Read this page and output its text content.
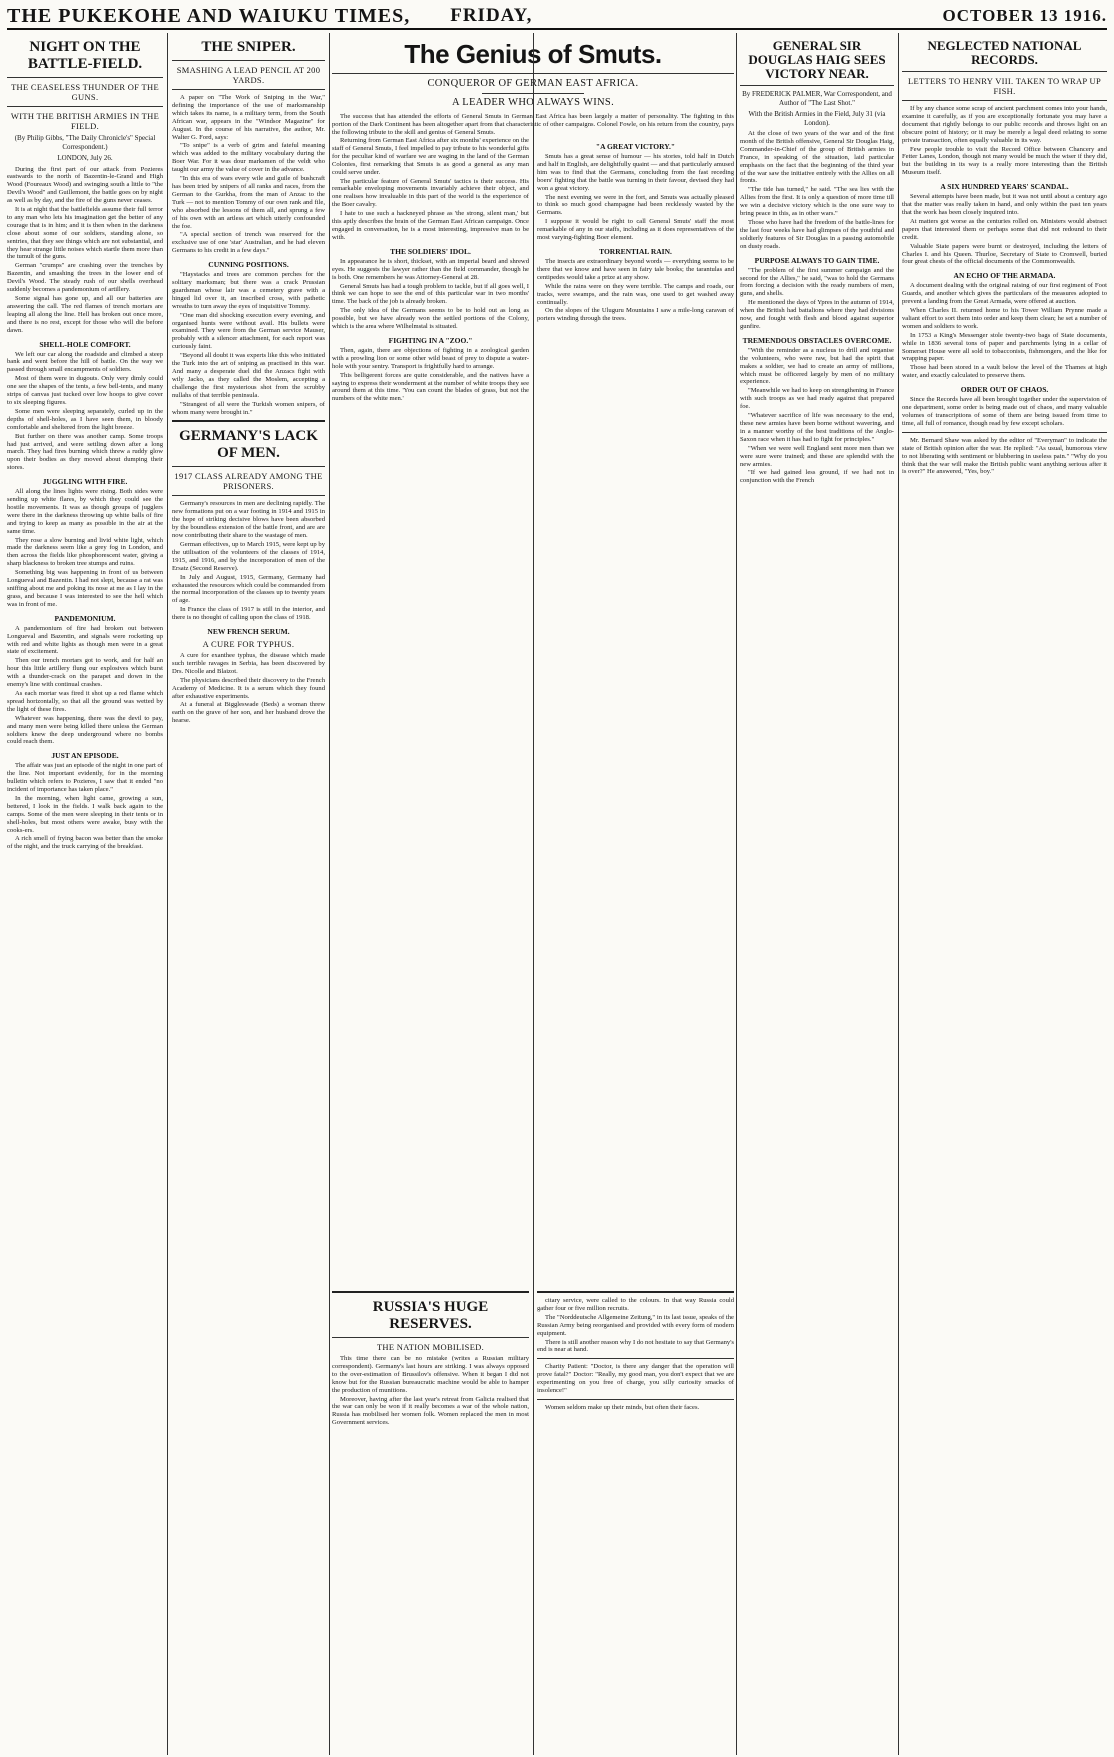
THE PUKEKOHE AND WAIUKU TIMES, FRIDAY,	OCTOBER 13 1916.
NIGHT ON THE BATTLE-FIELD.
THE CEASELESS THUNDER OF THE GUNS.
WITH THE BRITISH ARMIES IN THE FIELD.
(By Philip Gibbs, "The Daily Chronicle's" Special Correspondent.)
LONDON, July 26.

During the first part of our attack from Pozieres eastwards to the north of Bazentin-le-Grand and High Wood (Foureaux Wood) and swinging south a little to "the Devil's Wood" and Guillemont, the battle goes on by night as well as by day, and the fire of the guns never ceases.

It is at night that the battlefields assume their full terror to any man who lets his imagination get the better of any courage that is in him; and it is then when in the darkness close about some of our soldiers, standing alone, so sentries, that they see things which are not substantial, and they hear strange little noises which startle them more than the tumult of the guns.

German "crumps" are crashing over the trenches by Bazentin, and smashing the trees in the lower end of Devil's Wood. The steady rush of our shells overhead suddenly becomes a pandemonium of artillery.

Some signal has gone up, and all our batteries are answering the call. The red flames of trench mortars are leaping all along the line. Hell has broken out once more, and there is no rest, except for those who will die before dawn.

SHELL-HOLE COMFORT.

We left our car along the roadside and climbed a steep bank and went before the hill of battle. On the way we passed through small encampments of soldiers.

Most of them were in dugouts. Only very dimly could one see the shapes of the tents, a few bell-tents, and many strips of canvas just tucked over low hoops to give cover to six sleeping figures.

Some men were sleeping separately, curled up in the depths of shell-holes, as I have seen them, in bloody comfortable and sheltered from the light breeze.

But further on there was another camp. Some troops had just arrived, and were settling down after a long march. They had fires burning which threw a ruddy glow upon their bodies as they moved about dumping their stores.

JUGGLING WITH FIRE.

All along the lines lights were rising. Both sides were sending up white flares, by which they could see the hostile movements. It was as though groups of jugglers were there in the darkness throwing up white balls of fire and trying to keep as many as possible in the air at the same time.

They rose a slow burning and livid white light, which made the darkness seem like a grey fog in London, and then across the fields like phosphorescent water, giving a sharp blackness to broken tree stumps and ruins.

Something big was happening in front of us between Longueval and Bazentin. I had not slept, because a rat was sniffing about me and poking its nose at me as I lay in the grass, and because I was interested to see the hell which was in front of me.

PANDEMONIUM.

A pandemonium of fire had broken out between Longueval and Bazentin, and signals were rocketing up with red and white lights as though men were in a great state of excitement.

Then our trench mortars got to work, and for half an hour this little artillery flung our explosives which burst with a thunder-crack on the parapet and down in the enemy's line with continual crashes.

As each mortar was fired it shot up a red flame which spread horizontally, so that all the ground was wetted by the light of these fires.

Whatever was happening, there was the devil to pay, and many men were being killed there unless the German soldiers knew the deep underground where no bombs could reach them.

JUST AN EPISODE.

The affair was just an episode of the night in one part of the line. Not important evidently, for in the morning bulletin which refers to Pozieres, I saw that it ended "no incident of importance has taken place."

In the morning, when light came, growing a sun, bettered, I look in the fields. I walk back again to the camps. Some of the men were sleeping in their tents or in shell-holes, but most others were awake, busy with the cooks-ers.

A rich smell of frying bacon was better than the smoke of the night, and the truck carrying of the breakfast.

THE SNIPER.
SMASHING A LEAD PENCIL AT 200 YARDS.

A paper on "The Work of Sniping in the War," defining the importance of the use of marksmanship which takes its name, is a military term, from the South African war, appears in the "Windsor Magazine" for August. In the course of his narrative, the author, Mr. Walter G. Ford, says:

"To snipe" is a verb of grim and fateful meaning which was added to the military vocabulary during the Boer War. For it was dour marksmen of the veldt who taught our army the value of cover in the advance.

"In this era of wars every wile and guile of bushcraft has been tried by snipers of all ranks and races, from the German to the Gurkha, from the man of Anzac to the Turk — not to mention Tommy of our own rank and file, who absorbed the lessons of them all, and sprung a few of his own with an artless art which utterly confounded the foe.

"A special section of trench was reserved for the exclusive use of one 'star' Australian, and he had eleven Germans to his credit in a few days."

CUNNING POSITIONS.

"Haystacks and trees are common perches for the solitary marksman; but there was a crack Prussian guardsman whose lair was a cemetery grave with a hinged lid over it, an inscribed cross, with pathetic wreaths to turn away the eyes of inquisitive Tommy.

"One man did shocking execution every evening, and organised hunts were without avail. His bullets were examined. They were from the German service Mauser, probably with a silencer attachment, for each report was curiously faint.

"Beyond all doubt it was experts like this who initiated the Turk into the art of sniping as practised in this war. And many a desperate duel did the Anzacs fight with wily Jacko, as they called the Moslem, accepting a challenge the first mysterious shot from the scrubby nullahs of that terrible peninsula.

"Strangest of all were the Turkish women snipers, of whom many were brought in."

GERMANY'S LACK OF MEN.
1917 CLASS ALREADY AMONG THE PRISONERS.

Germany's resources in men are declining rapidly. The new formations put on a war footing in 1914 and 1915 in the hope of striking decisive blows have been absorbed by the boundless extension of the battle front, and are are now contributing their share to the wastage of men.

German effectives, up to March 1915, were kept up by the utilisation of the volunteers of the classes of 1914, 1915, and 1916, and by the incorporation of men of the Ersatz (Second Reserve).

In July and August, 1915, Germany, Germany had exhausted the resources which could be commanded from the normal incorporation of the classes up to twenty years of age.

In France the class of 1917 is still in the interior, and there is no thought of calling upon the class of 1918.

NEW FRENCH SERUM.
A CURE FOR TYPHUS.

A cure for exanthee typhus, the disease which made such terrible ravages in Serbia, has been discovered by Drs. Nicolle and Blaizot.

The physicians described their discovery to the French Academy of Medicine. It is a serum which they found after exhaustive experiments.

At a funeral at Biggleswade (Beds) a woman threw earth on the grave of her son, and her husband drove the hearse.

The Genius of Smuts.
CONQUEROR OF GERMAN EAST AFRICA.
A LEADER WHO ALWAYS WINS.

The success that has attended the efforts of General Smuts in German East Africa has been largely a matter of personality. The fighting in this portion of the Dark Continent has been altogether apart from that characteristic of other campaigns. Colonel Fowle, on his return from the country, pays the following tribute to the skill and genius of General Smuts.

Returning from German East Africa after six months' experience on the staff of General Smuts, I feel impelled to pay tribute to his wonderful gifts for the peculiar kind of warfare we are waging in the land of the German Colonies, first remarking that Smuts is as good a general as any man could serve under.

The particular feature of General Smuts' tactics is their success. His remarkable enveloping movements invariably achieve their object, and one realises how invaluable in this part of the world is the experience of the Boer cavalry.

I hate to use such a hackneyed phrase as 'the strong, silent man,' but this aptly describes the brain of the German East African campaign. Once engaged in conversation, he is a most interesting, impressive man to be with.

THE SOLDIERS' IDOL.

In appearance he is short, thickset, with an imperial beard and shrewd eyes. He suggests the lawyer rather than the field commander, though he is both. One remembers he was Attorney-General at 28.

General Smuts has had a tough problem to tackle, but if all goes well, I think we can hope to see the end of this particular war in two months' time. The back of the job is already broken.

The only idea of the Germans seems to be to hold out as long as possible, but we have already won the settled portions of the Colony, which is the area where Wilhelmstal is situated.

FIGHTING IN A "ZOO."

Then, again, there are objections of fighting in a zoological garden with a prowling lion or some other wild beast of prey to dispute a water-hole with your sentry. Transport is frightfully hard to arrange.

This belligerent forces are quite considerable, and the natives have a saying to express their wonderment at the number of white troops they see around them at this time. 'You can count the blades of grass, but not the numbers of the white men.'

RUSSIA'S HUGE RESERVES.
THE NATION MOBILISED.

This time there can be no mistake (writes a Russian military correspondent). Germany's last hours are striking. I was always opposed to the over-estimation of Brussilov's offensive. When it began I did not know but for the Russian bureaucratic machine would be able to hamper the production of munitions.

Moreover, having after the last year's retreat from Galicia realised that the war can only be won if it really becomes a war of the whole nation, Russia has mobilised her women folk. Women replaced the men in most Government services.

"A GREAT VICTORY."

Smuts has a great sense of humour — his stories, told half in Dutch and half in English, are delightfully quaint — and that particularly amused him was to find that the Germans, concluding from the fast receding boers' fighting that the battle was turning in their favour, devised they had won a great victory.

The next evening we were in the fort, and Smuts was actually pleased to think so much good champagne had been recklessly wasted by the Germans.

I suppose it would be right to call General Smuts' staff the most remarkable of any in our staffs, including as it does representatives of the most varying-fighting Boer element.

TORRENTIAL RAIN.

The insects are extraordinary beyond words — everything seems to be there that we know and have seen in fairy tale books; the tarantulas and centipedes would take a prize at any show.

While the rains were on they were terrible. The camps and roads, our tracks, were swamps, and the rain was, one used to get washed away continually.

On the slopes of the Uluguru Mountains I saw a mile-long caravan of porters winding through the trees.

citary service, were called to the colours. In that way Russia could gather four or five million recruits.

The "Norddeutsche Allgemeine Zeitung," in its last issue, speaks of the Russian Army being reorganised and provided with every form of modern equipment.

There is still another reason why I do not hesitate to say that Germany's end is near at hand.

Charity Patient: "Doctor, is there any danger that the operation will prove fatal?" Doctor: "Really, my good man, you don't expect that we are experimenting on you free of charge, you silly curiosity smacks of insolence!"

Women seldom make up their minds, but often their faces.

GENERAL SIR DOUGLAS HAIG SEES VICTORY NEAR.
By FREDERICK PALMER, War Correspondent, and Author of "The Last Shot."
With the British Armies in the Field, July 31 (via London).

At the close of two years of the war and of the first month of the British offensive, General Sir Douglas Haig, Commander-in-Chief of the group of British armies in France, in speaking of the situation, laid particular emphasis on the fact that the beginning of the third year of the war saw the initiative entirely with the Allies on all fronts.

"The tide has turned," he said. "The sea lies with the Allies from the first. It is only a question of more time till we win a decisive victory which is the one sure way to bring peace in this, as in other wars."

Those who have had the freedom of the battle-lines for the last four weeks have had glimpses of the youthful and soldierly features of Sir Douglas in a passing automobile on dusty roads.

PURPOSE ALWAYS TO GAIN TIME.

"The problem of the first summer campaign and the second for the Allies," he said, "was to hold the Germans from forcing a decision with the ready numbers of men, guns, and shells.

He mentioned the days of Ypres in the autumn of 1914, when the British had battalions where they had divisions now, and fought with flesh and blood against superior gunfire.

TREMENDOUS OBSTACLES OVERCOME.

"With the reminder as a nucleus to drill and organise the volunteers, who were raw, but had the spirit that makes a soldier, we had to create an army of millions, which must be officered largely by men of no military experience.

"Meanwhile we had to keep on strengthening in France with such troops as we had ready against that prepared foe.

"Whatever sacrifice of life was necessary to the end, these new armies have been borne without wavering, and in a manner worthy of the best traditions of the Anglo-Saxon race when it has had to fight for principles."

"When we were well England sent more men than we were sure were trained; and these are splendid with the new armies.

"If we had gained less ground, if we had not in conjunction with the French

NEGLECTED NATIONAL RECORDS.
LETTERS TO HENRY VIII. TAKEN TO WRAP UP FISH.

If by any chance some scrap of ancient parchment comes into your hands, examine it carefully, as if you are exceptionally fortunate you may have a document that rightly belongs to our public records and throws light on an obscure point of history; or it may be merely a legal deed relating to some private transaction, often equally valuable in its way.

Few people trouble to visit the Record Office between Chancery and Fetter Lanes, London, though not many would be much the wiser if they did, but the building in its way is a really more interesting than the British Museum itself.

A SIX HUNDRED YEARS' SCANDAL.

Several attempts have been made, but it was not until about a century ago that the matter was really taken in hand, and only within the past ten years that the work has been closely inquired into.

At matters got worse as the centuries rolled on. Ministers would abstract papers that interested them or perhaps some that did not redound to their credit.

Valuable State papers were burnt or destroyed, including the letters of Charles I. and his Queen. Thurloe, Secretary of State to Cromwell, buried four great chests of the official documents of the Commonwealth.

AN ECHO OF THE ARMADA.

A document dealing with the original raising of our first regiment of Foot Guards, and another which gives the particulars of the measures adopted to prevent a landing from the Great Armada, were offered at auction.

When Charles II. returned home to his Tower William Prynne made a valiant effort to sort them into order and keep them clean; he set a number of women and soldiers to work.

In 1753 a King's Messenger stole twenty-two bags of State documents, while in 1836 several tons of paper and parchments lying in a cellar of Somerset House were all sold to tobacconists, fishmongers, and the like for wrapping paper.

Those had been stored in a vault below the level of the Thames at high water, and exactly calculated to preserve them.

ORDER OUT OF CHAOS.

Since the Records have all been brought together under the supervision of one department, some order is being made out of chaos, and many valuable volumes of transcriptions of some of them are being issued from time to time, all full of romance, though read by few except scholars.

Mr. Bernard Shaw was asked by the editor of "Everyman" to indicate the state of British opinion after the war. He replied: "As usual, humorous view to not liberating with sentiment or blubbering in useless pain." "Why do you think that the war will make the British public want anything serious after it is over?" He answered, "Yes, boy."
